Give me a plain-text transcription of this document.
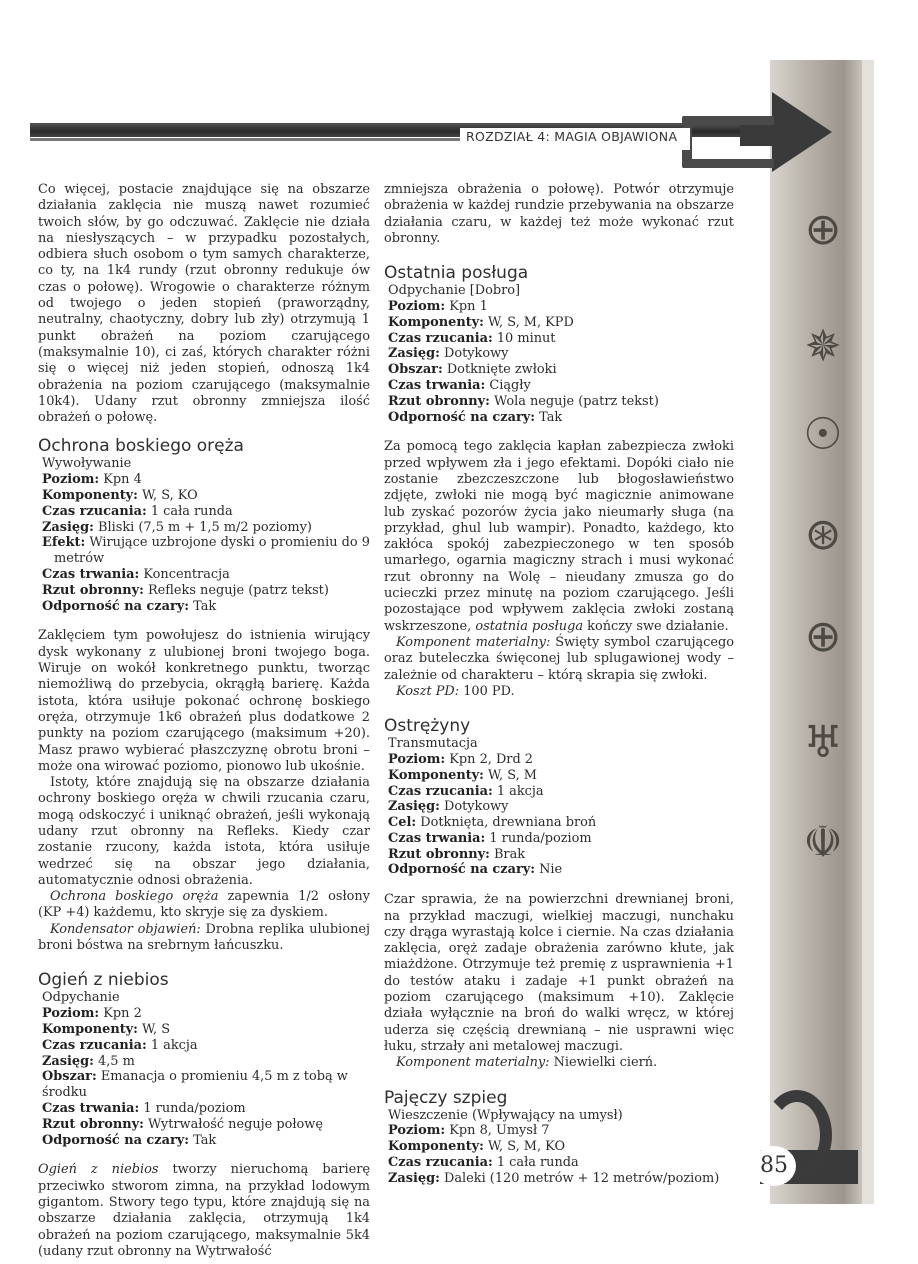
⊕
✵
☉
⊛
⊕
♅
☫
ROZDZIAŁ 4: MAGIA OBJAWIONA
85

Co więcej, postacie znajdujące się na obszarze działania zaklęcia nie muszą nawet rozumieć twoich słów, by go odczuwać. Zaklęcie nie działa na niesłyszących – w przypadku pozostałych, odbiera słuch osobom o tym samych charakterze, co ty, na 1k4 rundy (rzut obronny redukuje ów czas o połowę). Wrogowie o charakterze różnym od twojego o jeden stopień (praworządny, neutralny, chaotyczny, dobry lub zły) otrzymują 1 punkt obrażeń na poziom czarującego (maksymalnie 10), ci zaś, których charakter różni się o więcej niż jeden stopień, odnoszą 1k4 obrażenia na poziom czarującego (maksymalnie 10k4). Udany rzut obronny zmniejsza ilość obrażeń o połowę.

Ochrona boskiego oręża

Wywoływanie

Poziom: Kpn 4

Komponenty: W, S, KO

Czas rzucania: 1 cała runda

Zasięg: Bliski (7,5 m + 1,5 m/2 poziomy)

Efekt: Wirujące uzbrojone dyski o promieniu do 9 metrów

Czas trwania: Koncentracja

Rzut obronny: Refleks neguje (patrz tekst)

Odporność na czary: Tak

Zaklęciem tym powołujesz do istnienia wirujący dysk wykonany z ulubionej broni twojego boga. Wiruje on wokół konkretnego punktu, tworząc niemożliwą do przebycia, okrągłą barierę. Każda istota, która usiłuje pokonać ochronę boskiego oręża, otrzymuje 1k6 obrażeń plus dodatkowe 2 punkty na poziom czarującego (maksimum +20). Masz prawo wybierać płaszczyznę obrotu broni – może ona wirować poziomo, pionowo lub ukośnie.

Istoty, które znajdują się na obszarze działania ochrony boskiego oręża w chwili rzucania czaru, mogą odskoczyć i uniknąć obrażeń, jeśli wykonają udany rzut obronny na Refleks. Kiedy czar zostanie rzucony, każda istota, która usiłuje wedrzeć się na obszar jego działania, automatycznie odnosi obrażenia.

Ochrona boskiego oręża zapewnia 1/2 osłony (KP +4) każdemu, kto skryje się za dyskiem.

Kondensator objawień: Drobna replika ulubionej broni bóstwa na srebrnym łańcuszku.

Ogień z niebios

Odpychanie

Poziom: Kpn 2

Komponenty: W, S

Czas rzucania: 1 akcja

Zasięg: 4,5 m

Obszar: Emanacja o promieniu 4,5 m z tobą w środku

Czas trwania: 1 runda/poziom

Rzut obronny: Wytrwałość neguje połowę

Odporność na czary: Tak

Ogień z niebios tworzy nieruchomą barierę przeciwko stworom zimna, na przykład lodowym gigantom. Stwory tego typu, które znajdują się na obszarze działania zaklęcia, otrzymują 1k4 obrażeń na poziom czarującego, maksymalnie 5k4 (udany rzut obronny na Wytrwałość

zmniejsza obrażenia o połowę). Potwór otrzymuje obrażenia w każdej rundzie przebywania na obszarze działania czaru, w każdej też może wykonać rzut obronny.

Ostatnia posługa

Odpychanie [Dobro]

Poziom: Kpn 1

Komponenty: W, S, M, KPD

Czas rzucania: 10 minut

Zasięg: Dotykowy

Obszar: Dotknięte zwłoki

Czas trwania: Ciągły

Rzut obronny: Wola neguje (patrz tekst)

Odporność na czary: Tak

Za pomocą tego zaklęcia kapłan zabezpiecza zwłoki przed wpływem zła i jego efektami. Dopóki ciało nie zostanie zbezczeszczone lub błogosławieństwo zdjęte, zwłoki nie mogą być magicznie animowane lub zyskać pozorów życia jako nieumarły sługa (na przykład, ghul lub wampir). Ponadto, każdego, kto zakłóca spokój zabezpieczonego w ten sposób umarłego, ogarnia magiczny strach i musi wykonać rzut obronny na Wolę – nieudany zmusza go do ucieczki przez minutę na poziom czarującego. Jeśli pozostające pod wpływem zaklęcia zwłoki zostaną wskrzeszone, ostatnia posługa kończy swe działanie.

Komponent materialny: Święty symbol czarującego oraz buteleczka święconej lub splugawionej wody – zależnie od charakteru – którą skrapia się zwłoki.

Koszt PD: 100 PD.

Ostrężyny

Transmutacja

Poziom: Kpn 2, Drd 2

Komponenty: W, S, M

Czas rzucania: 1 akcja

Zasięg: Dotykowy

Cel: Dotknięta, drewniana broń

Czas trwania: 1 runda/poziom

Rzut obronny: Brak

Odporność na czary: Nie

Czar sprawia, że na powierzchni drewnianej broni, na przykład maczugi, wielkiej maczugi, nunchaku czy drąga wyrastają kolce i ciernie. Na czas działania zaklęcia, oręż zadaje obrażenia zarówno kłute, jak miażdżone. Otrzymuje też premię z usprawnienia +1 do testów ataku i zadaje +1 punkt obrażeń na poziom czarującego (maksimum +10). Zaklęcie działa wyłącznie na broń do walki wręcz, w której uderza się częścią drewnianą – nie usprawni więc łuku, strzały ani metalowej maczugi.

Komponent materialny: Niewielki cierń.

Pajęczy szpieg

Wieszczenie (Wpływający na umysł)

Poziom: Kpn 8, Umysł 7

Komponenty: W, S, M, KO

Czas rzucania: 1 cała runda

Zasięg: Daleki (120 metrów + 12 metrów/poziom)
